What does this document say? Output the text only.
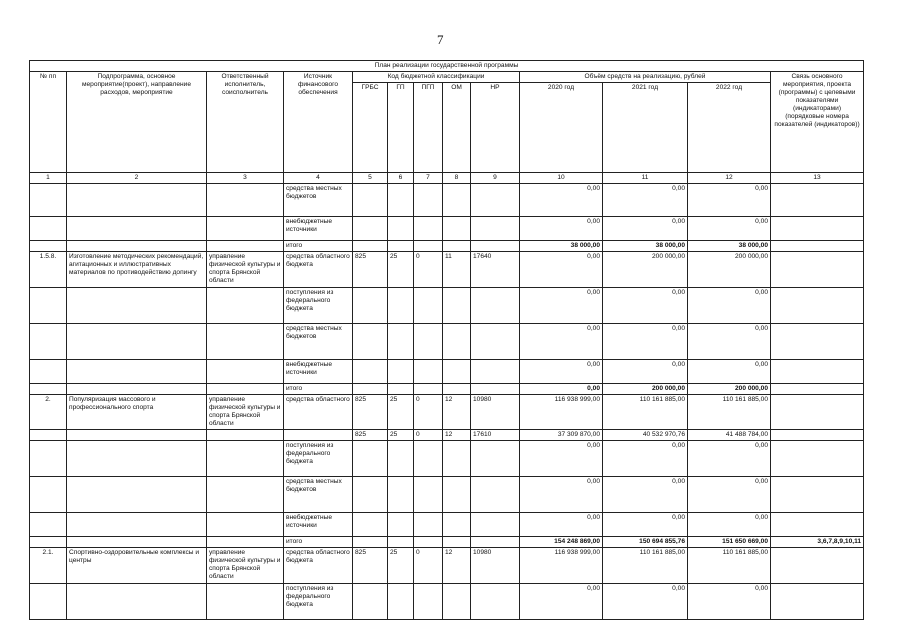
7
План реализации государственной программы												
№ пп	Подпрограмма, основное мероприятие(проект), направление расходов, мероприятие	Ответственный исполнитель, соисполнитель	Источник финансового обеспечения	Код бюджетной классификации					Объём средств на реализацию, рублей			Связь основного мероприятия, проекта (программы) с целевыми показателями (индикаторами) (порядковые номера показателей (индикаторов))
				ГРБС	ГП	ПГП	ОМ	НР	2020 год	2021 год	2022 год	
1	2	3	4	5	6	7	8	9	10	11	12	13
			средства местных бюджетов						0,00	0,00	0,00	
			внебюджетные источники						0,00	0,00	0,00	
			итого						38 000,00	38 000,00	38 000,00	
1.5.8.	Изготовление методических рекомендаций, агитационных и иллюстративных материалов по противодействию допингу	управление физической культуры и спорта Брянской области	средства областного бюджета	825	25	0	11	17640	0,00	200 000,00	200 000,00	
			поступления из федерального бюджета						0,00	0,00	0,00	
			средства местных бюджетов						0,00	0,00	0,00	
			внебюджетные источники						0,00	0,00	0,00	
			итого						0,00	200 000,00	200 000,00	
2.	Популяризация массового и профессионального спорта	управление физической культуры и спорта Брянской области	средства областного	825	25	0	12	10980	116 938 999,00	110 161 885,00	110 161 885,00	
				825	25	0	12	17610	37 309 870,00	40 532 970,76	41 488 784,00	
			поступления из федерального бюджета						0,00	0,00	0,00	
			средства местных бюджетов						0,00	0,00	0,00	
			внебюджетные источники						0,00	0,00	0,00	
			итого						154 248 869,00	150 694 855,76	151 650 669,00	3,6,7,8,9,10,11
2.1.	Спортивно-оздоровительные комплексы и центры	управление физической культуры и спорта Брянской области	средства областного бюджета	825	25	0	12	10980	116 938 999,00	110 161 885,00	110 161 885,00	
			поступления из федерального бюджета						0,00	0,00	0,00	
